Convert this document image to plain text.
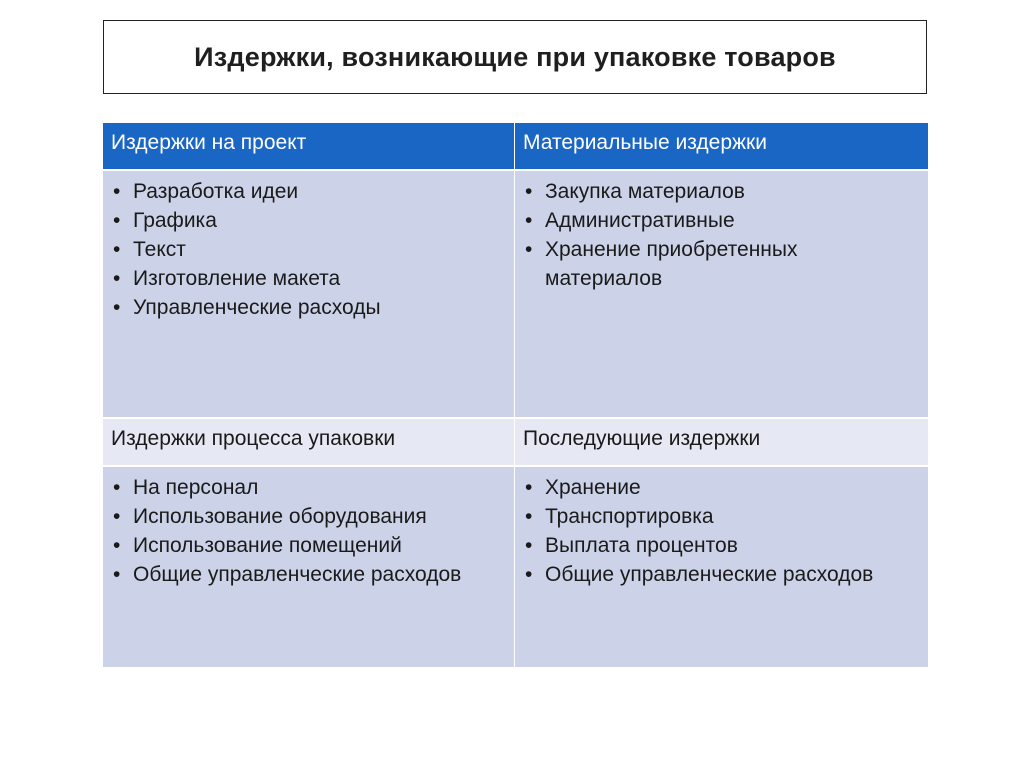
Издержки, возникающие при упаковке товаров
Издержки на проект	Материальные издержки
• Разработка идеи
• Графика
• Текст
• Изготовление макета
• Управленческие расходы
• Закупка материалов
• Административные
• Хранение приобретенных материалов
Издержки процесса упаковки	Последующие издержки
• На персонал
• Использование оборудования
• Использование помещений
• Общие управленческие расходов
• Хранение
• Транспортировка
• Выплата процентов
• Общие управленческие расходов
